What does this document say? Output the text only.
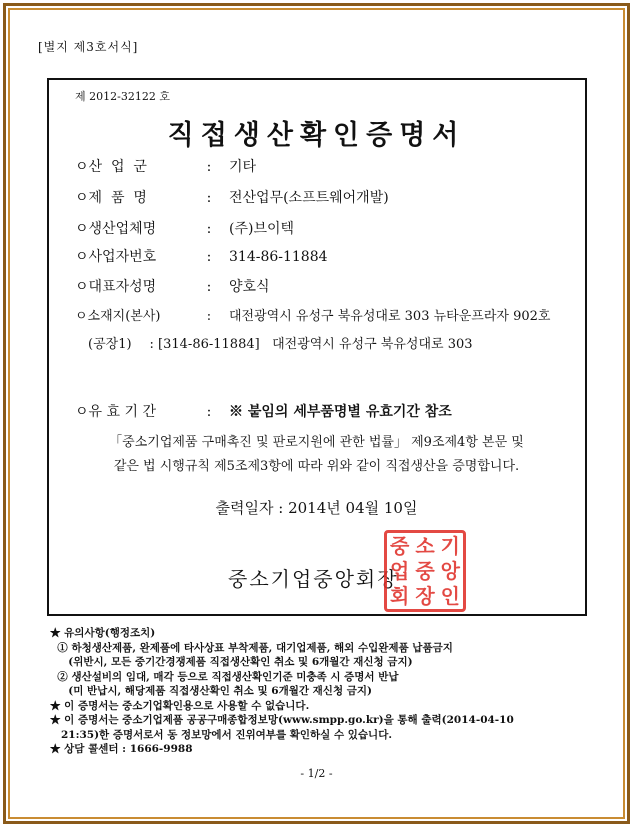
[별지 제3호서식]
제 2012-32122 호
직접생산확인증명서
ㅇ산  업  군	: 기타
ㅇ제  품  명	: 전산업무(소프트웨어개발)
ㅇ생산업체명	: (주)브이텍
ㅇ사업자번호	: 314-86-11884
ㅇ대표자성명	: 양호식
ㅇ소재지(본사)	: 대전광역시 유성구 북유성대로 303 뉴타운프라자 902호
(공장1) : [314-86-11884]   대전광역시 유성구 북유성대로 303
ㅇ유 효 기 간	: ※ 붙임의 세부품명별 유효기간 참조
「중소기업제품 구매촉진 및 판로지원에 관한 법률」 제9조제4항 본문 및
같은 법 시행규칙 제5조제3항에 따라 위와 같이 직접생산을 증명합니다.
출력일자 : 2014년 04월 10일
중소기업중앙회장
중 소 기
업 중 앙
회 장 인
★ 유의사항(행정조치)
① 하청생산제품, 완제품에 타사상표 부착제품, 대기업제품, 해외 수입완제품 납품금지
(위반시, 모든 중기간경쟁제품 직접생산확인 취소 및 6개월간 재신청 금지)
② 생산설비의 임대, 매각 등으로 직접생산확인기준 미충족 시 증명서 반납
(미 반납시, 해당제품 직접생산확인 취소 및 6개월간 재신청 금지)
★ 이 증명서는 중소기업확인용으로 사용할 수 없습니다.
★ 이 증명서는 중소기업제품 공공구매종합정보망(www.smpp.go.kr)을 통해 출력(2014-04-10
21:35)한 증명서로서 동 정보망에서 진위여부를 확인하실 수 있습니다.
★ 상담 콜센터 : 1666-9988
- 1/2 -
